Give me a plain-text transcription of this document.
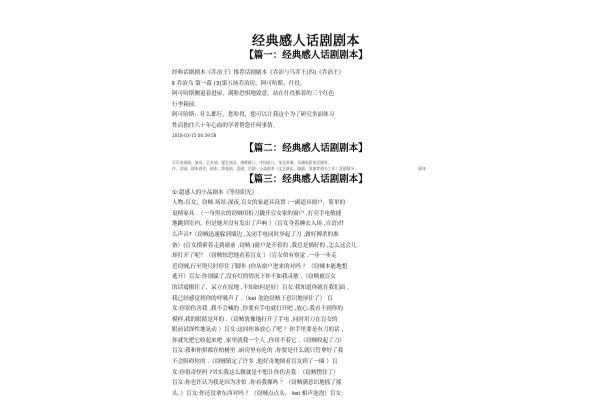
经典感人话剧剧本
【篇一：经典感人话剧剧本】
经典话剧剧本《乔治王》推荐话剧剧本《乔治与乌乔王(四)《乔治王》
Ⅱ 乔治乌 第一幕 (3)第五场乔治房、阿可哈斯、什役。
阿可哈斯侧退着进屋，满脸恐惧地致意，站在什役推着的三个红色
行李箱前。
阿可哈斯：什么都行，您哈得，您可以让我这个为了研究多面体习
性而独往六十年心血的学者帮您任何事情。
2018-03-15 06:39:58
【篇二：经典感人话剧剧本】
可乐电视剧，演员、艺术部、厦艺演员、康辉新门，中国星儿，金北原典，乐嗨电影免话剧有。
作，话剧，剧本创作，剧本，影视剧，喜剧，话剧，小品剧本（文艺演出，编剧，黑塞等相关工作）喜剧情节	剧本
【篇三：经典感人话剧剧本】
①:超感人的小品剧本《等待阳光》
人物:盲女，窃贼 场景:深夜,盲女的家道具设置 :一副道具窗户，简单的
桌椅家具 .（一身黑衣的窃贼用折刀撬开盲女家的窗户 ,打亮手电敏捷
地跳到室内，但是她并没有发出了声响 ）（盲女身着睡衣入场 ,自语)什
么声音?（窃贼迅速躲到墙边 ,关闭手电同时举起了刀 ,做好搏杀的准
备）(盲女摸索着走到窗前 ,窃贼 )窗户是开着的 ,我总是插好的 ,怎么这会儿
却打开了呢？（窃贼惊恐地看着盲女 ）（盲女似有察觉 ,一步一步走
近窃贼,行至咫尺时停住了脚步 )你从窗户进来的对吗 ？（窃贼本能地想
逃开）盲女:你别躲了,没有灯的情况下你不如我灵敏 .（窃贼被盲女
的话震慑住了，呆立在原地 ,不知如何是好）盲女:我知道你就在我们面 ,
我已经感觉到你的呼吸声了 .（kei 泡泡窃贼下意识地屏住了） 盲
女:你别伤害我 ,我不会喊的 ,你要有手电就打开吧 ,放心,我看不到你的
模样,我的眼睛是坏的 .（窃贼犹豫地打开了手电 ,同时用刀在盲女的
眼前试探性地晃动 ）盲女:这回你该放心了吧 ？你手里要是有刀的话 ,
你就先把它收起来吧 ,家里就我一个人 ,你用不着它 .（窃贼收起了刀）
盲女:我和你拼都在柏树里 ,厨房里有吃的 ,你要是什么就只管拿好了我
不会阻碍你的 .（窃贼镇定了许多 ,他好奇地图看盲女到了一圈 ）盲
女:你很奇怪吗 ?其实我这么做就是不想让你伤害我 .（窃贼愣住了）
盲女:你也许认为我是因为害怕 ,你看我像吗 ？（窃贼满意识地摇了摇
头。）盲女:你还没拿东西对吗 ？（窃贼点点头。 kei 相声泡泡）盲女:
